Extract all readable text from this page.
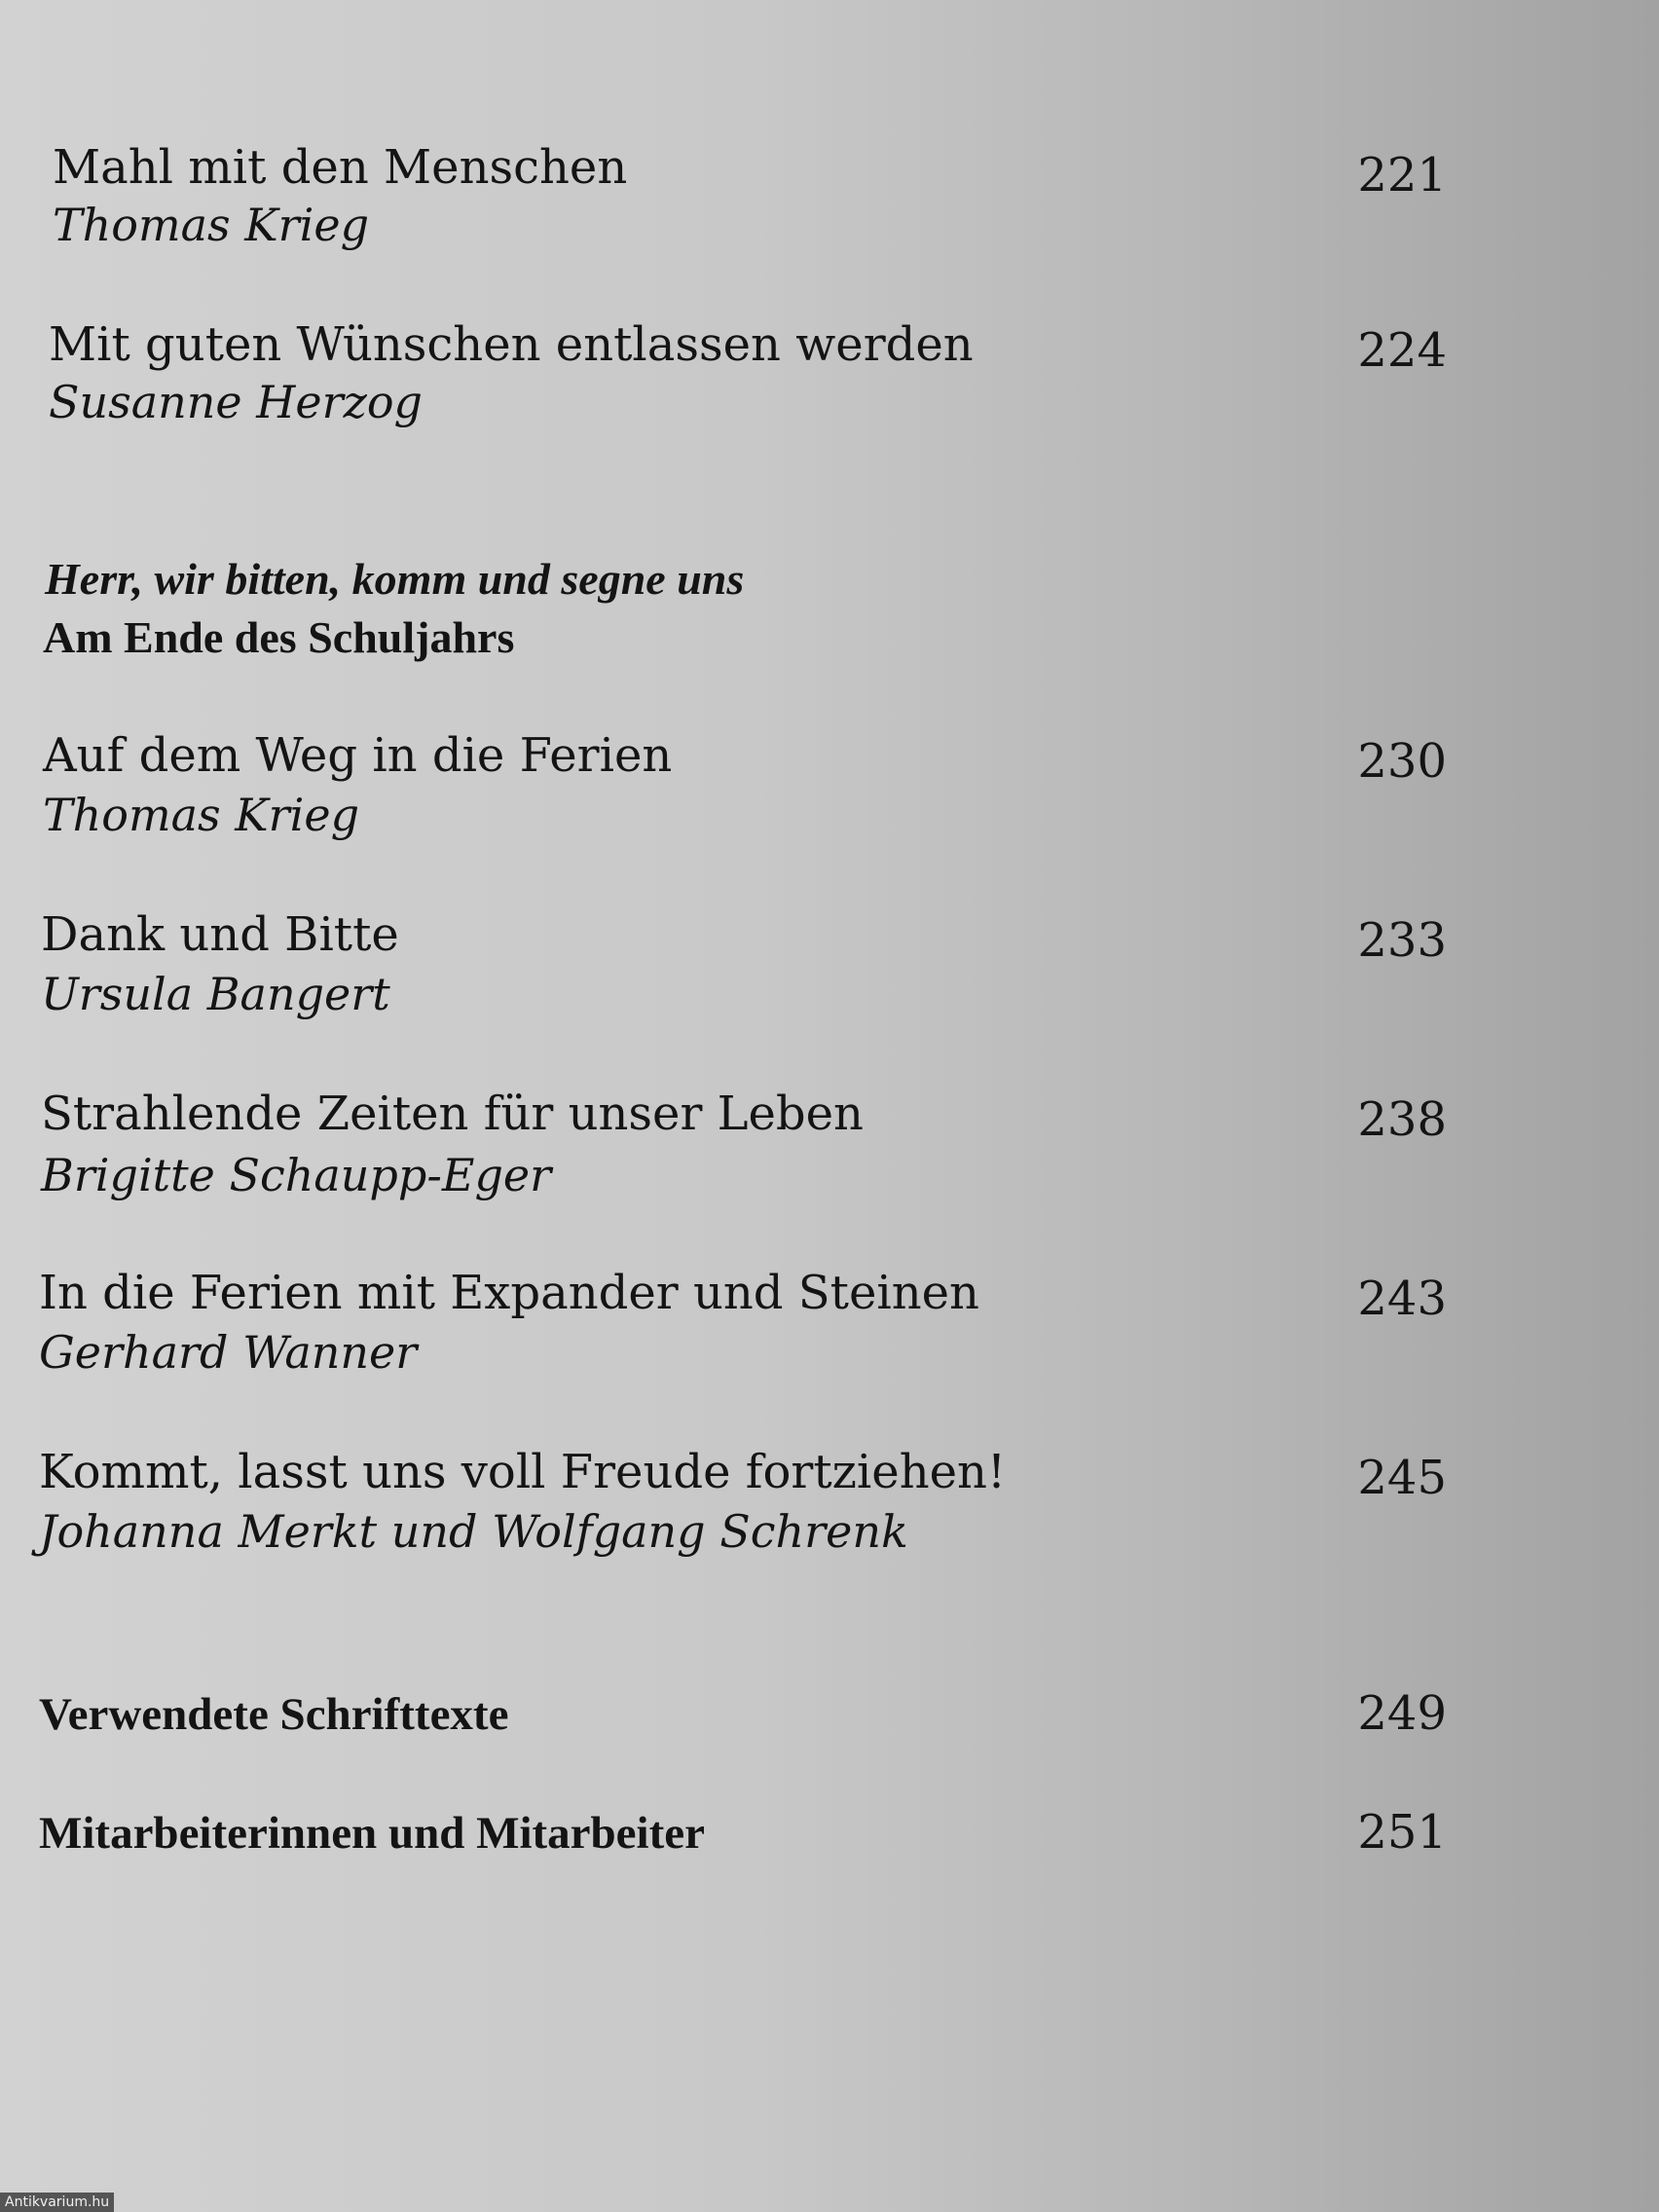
Mahl mit den Menschen
Thomas Krieg
221
Mit guten Wünschen entlassen werden
Susanne Herzog
224
Herr, wir bitten, komm und segne uns
Am Ende des Schuljahrs
Auf dem Weg in die Ferien
Thomas Krieg
230
Dank und Bitte
Ursula Bangert
233
Strahlende Zeiten für unser Leben
Brigitte Schaupp-Eger
238
In die Ferien mit Expander und Steinen
Gerhard Wanner
243
Kommt, lasst uns voll Freude fortziehen!
Johanna Merkt und Wolfgang Schrenk
245
Verwendete Schrifttexte	249
Mitarbeiterinnen und Mitarbeiter	251
Antikvarium.hu
